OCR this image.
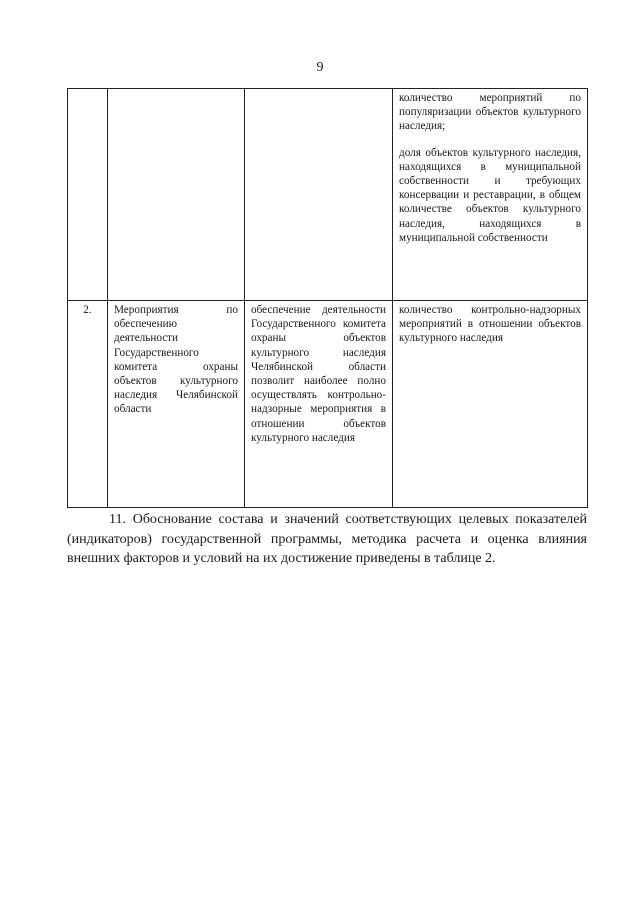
9

			количество мероприятий по популяризации объектов культурного наследия;
доля объектов культурного наследия, находящихся в муниципальной собственности и требующих консервации и реставрации, в общем количестве объектов культурного наследия, находящихся в муниципальной собственности

2.	Мероприятия по обеспечению деятельности Государственного комитета охраны объектов культурного наследия Челябинской области	обеспечение деятельности Государственного комитета охраны объектов культурного наследия Челябинской области позволит наиболее полно осуществлять контрольно-надзорные мероприятия в отношении объектов культурного наследия	количество контрольно-надзорных мероприятий в отношении объектов культурного наследия

11. Обоснование состава и значений соответствующих целевых показателей (индикаторов) государственной программы, методика расчета и оценка влияния внешних факторов и условий на их достижение приведены в таблице 2.
